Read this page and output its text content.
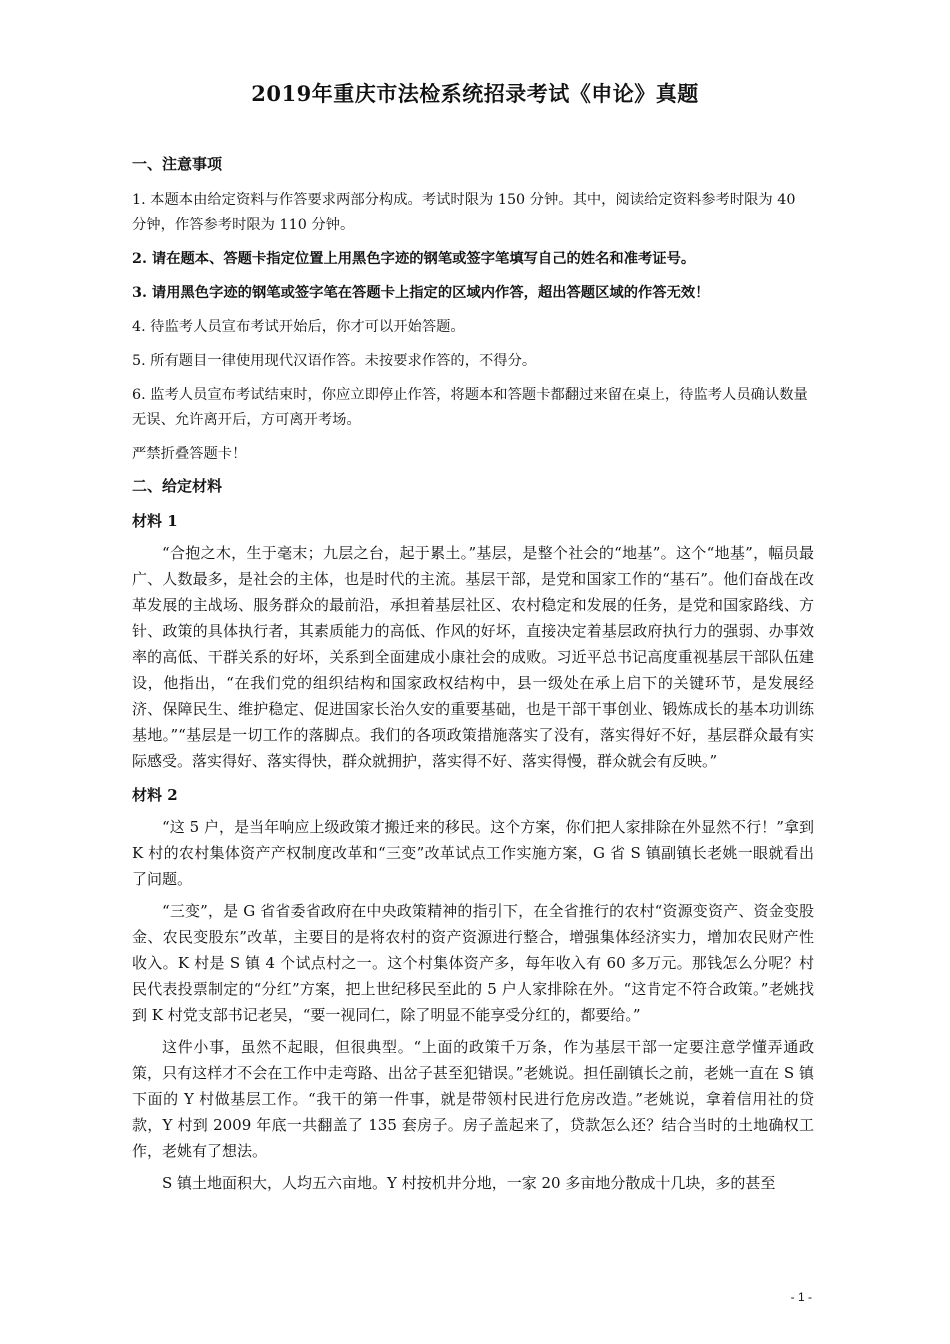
2019年重庆市法检系统招录考试《申论》真题
一、注意事项

1. 本题本由给定资料与作答要求两部分构成。考试时限为 150 分钟。其中，阅读给定资料参考时限为 40 分钟，作答参考时限为 110 分钟。

2. 请在题本、答题卡指定位置上用黑色字迹的钢笔或签字笔填写自己的姓名和准考证号。

3. 请用黑色字迹的钢笔或签字笔在答题卡上指定的区域内作答，超出答题区域的作答无效！

4. 待监考人员宣布考试开始后，你才可以开始答题。

5. 所有题目一律使用现代汉语作答。未按要求作答的，不得分。

6. 监考人员宣布考试结束时，你应立即停止作答，将题本和答题卡都翻过来留在桌上，待监考人员确认数量无误、允许离开后，方可离开考场。

严禁折叠答题卡！

二、给定材料
材料 1

“合抱之木，生于毫末；九层之台，起于累土。”基层，是整个社会的“地基”。这个“地基”，幅员最广、人数最多，是社会的主体，也是时代的主流。基层干部，是党和国家工作的“基石”。他们奋战在改革发展的主战场、服务群众的最前沿，承担着基层社区、农村稳定和发展的任务，是党和国家路线、方针、政策的具体执行者，其素质能力的高低、作风的好坏，直接决定着基层政府执行力的强弱、办事效率的高低、干群关系的好坏，关系到全面建成小康社会的成败。习近平总书记高度重视基层干部队伍建设，他指出，“在我们党的组织结构和国家政权结构中，县一级处在承上启下的关键环节，是发展经济、保障民生、维护稳定、促进国家长治久安的重要基础，也是干部干事创业、锻炼成长的基本功训练基地。”“基层是一切工作的落脚点。我们的各项政策措施落实了没有，落实得好不好，基层群众最有实际感受。落实得好、落实得快，群众就拥护，落实得不好、落实得慢，群众就会有反映。”

材料 2

“这 5 户，是当年响应上级政策才搬迁来的移民。这个方案，你们把人家排除在外显然不行！”拿到 K 村的农村集体资产产权制度改革和“三变”改革试点工作实施方案，G 省 S 镇副镇长老姚一眼就看出了问题。

“三变”，是 G 省省委省政府在中央政策精神的指引下，在全省推行的农村“资源变资产、资金变股金、农民变股东”改革，主要目的是将农村的资产资源进行整合，增强集体经济实力，增加农民财产性收入。K 村是 S 镇 4 个试点村之一。这个村集体资产多，每年收入有 60 多万元。那钱怎么分呢？村民代表投票制定的“分红”方案，把上世纪移民至此的 5 户人家排除在外。“这肯定不符合政策。”老姚找到 K 村党支部书记老吴，“要一视同仁，除了明显不能享受分红的，都要给。”

这件小事，虽然不起眼，但很典型。“上面的政策千万条，作为基层干部一定要注意学懂弄通政策，只有这样才不会在工作中走弯路、出岔子甚至犯错误。”老姚说。担任副镇长之前，老姚一直在 S 镇下面的 Y 村做基层工作。“我干的第一件事，就是带领村民进行危房改造。”老姚说，拿着信用社的贷款，Y 村到 2009 年底一共翻盖了 135 套房子。房子盖起来了，贷款怎么还？结合当时的土地确权工作，老姚有了想法。

S 镇土地面积大，人均五六亩地。Y 村按机井分地，一家 20 多亩地分散成十几块，多的甚至

- 1 -
